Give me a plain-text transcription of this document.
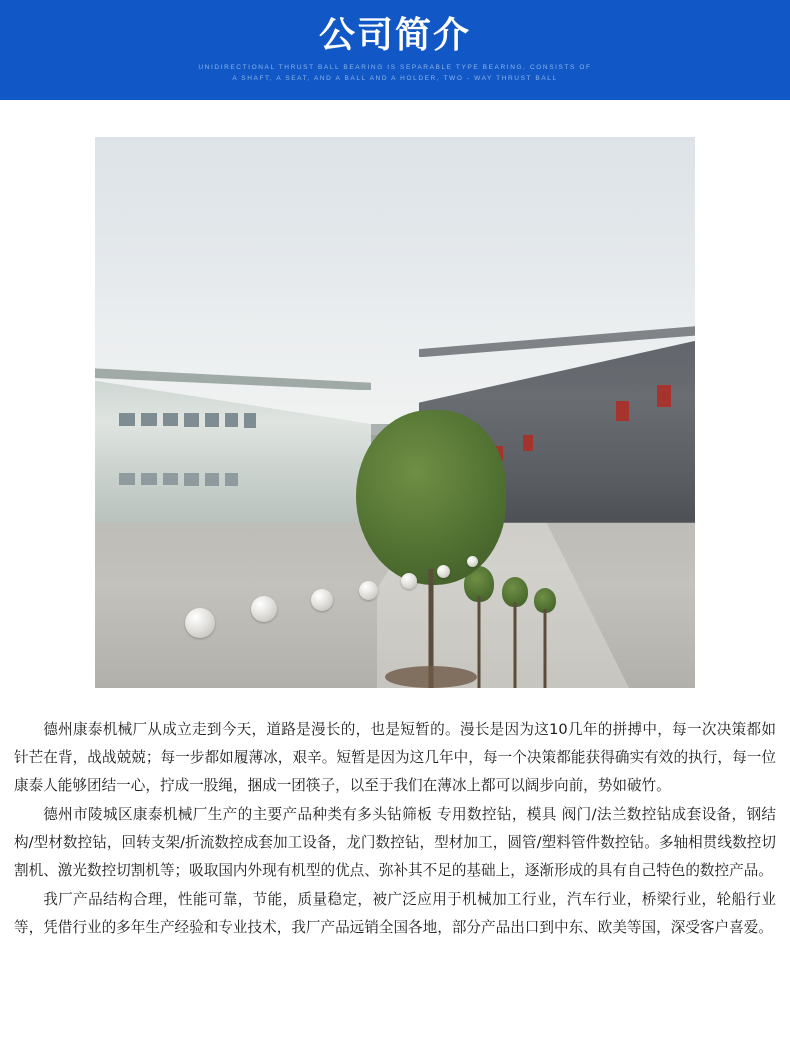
公司简介
UNIDIRECTIONAL THRUST BALL BEARING IS SEPARABLE TYPE BEARING. CONSISTS OF
A SHAFT, A SEAT, AND A BALL AND A HOLDER, TWO - WAY THRUST BALL

德州康泰机械厂从成立走到今天，道路是漫长的，也是短暂的。漫长是因为这10几年的拼搏中，每一次决策都如针芒在背，战战兢兢；每一步都如履薄冰，艰辛。短暂是因为这几年中，每一个决策都能获得确实有效的执行，每一位康泰人能够团结一心，拧成一股绳，捆成一团筷子，以至于我们在薄冰上都可以阔步向前，势如破竹。

德州市陵城区康泰机械厂生产的主要产品种类有多头钻筛板 专用数控钻，模具 阀门/法兰数控钻成套设备，钢结构/型材数控钻，回转支架/折流数控成套加工设备，龙门数控钻，型材加工，圆管/塑料管件数控钻。多轴相贯线数控切割机、激光数控切割机等；吸取国内外现有机型的优点、弥补其不足的基础上，逐渐形成的具有自己特色的数控产品。

我厂产品结构合理，性能可靠，节能，质量稳定，被广泛应用于机械加工行业，汽车行业，桥梁行业，轮船行业等，凭借行业的多年生产经验和专业技术，我厂产品远销全国各地，部分产品出口到中东、欧美等国，深受客户喜爱。
